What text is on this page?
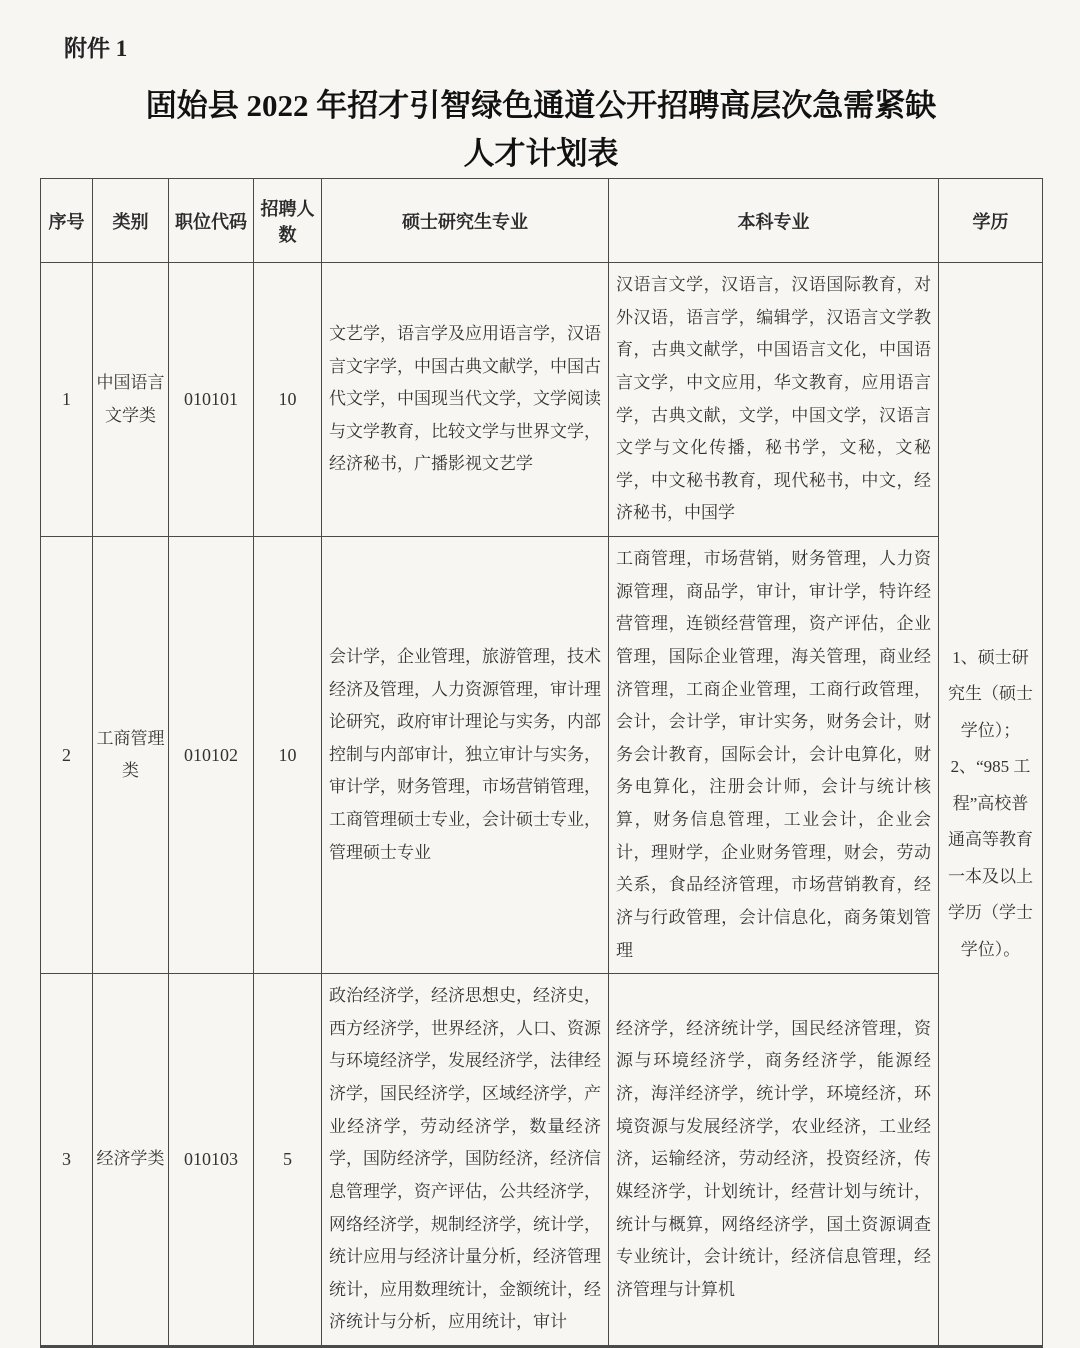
附件 1
固始县 2022 年招才引智绿色通道公开招聘高层次急需紧缺
人才计划表
序号	类别	职位代码	招聘人数	硕士研究生专业	本科专业	学历
1	中国语言文学类	010101	10	文艺学，语言学及应用语言学，汉语言文字学，中国古典文献学，中国古代文学，中国现当代文学，文学阅读与文学教育，比较文学与世界文学，经济秘书，广播影视文艺学	汉语言文学，汉语言，汉语国际教育，对外汉语，语言学，编辑学，汉语言文学教育，古典文献学，中国语言文化，中国语言文学，中文应用，华文教育，应用语言学，古典文献，文学，中国文学，汉语言文学与文化传播，秘书学，文秘，文秘学，中文秘书教育，现代秘书，中文，经济秘书，中国学	1、硕士研究生（硕士学位）；2、“985 工程”高校普通高等教育一本及以上学历（学士学位）。
2	工商管理类	010102	10	会计学，企业管理，旅游管理，技术经济及管理，人力资源管理，审计理论研究，政府审计理论与实务，内部控制与内部审计，独立审计与实务，审计学，财务管理，市场营销管理，工商管理硕士专业，会计硕士专业，管理硕士专业	工商管理，市场营销，财务管理，人力资源管理，商品学，审计，审计学，特许经营管理，连锁经营管理，资产评估，企业管理，国际企业管理，海关管理，商业经济管理，工商企业管理，工商行政管理，会计，会计学，审计实务，财务会计，财务会计教育，国际会计，会计电算化，财务电算化，注册会计师，会计与统计核算，财务信息管理，工业会计，企业会计，理财学，企业财务管理，财会，劳动关系，食品经济管理，市场营销教育，经济与行政管理，会计信息化，商务策划管理	
3	经济学类	010103	5	政治经济学，经济思想史，经济史，西方经济学，世界经济，人口、资源与环境经济学，发展经济学，法律经济学，国民经济学，区域经济学，产业经济学，劳动经济学，数量经济学，国防经济学，国防经济，经济信息管理学，资产评估，公共经济学，网络经济学，规制经济学，统计学，统计应用与经济计量分析，经济管理统计，应用数理统计，金额统计，经济统计与分析，应用统计，审计	经济学，经济统计学，国民经济管理，资源与环境经济学，商务经济学，能源经济，海洋经济学，统计学，环境经济，环境资源与发展经济学，农业经济，工业经济，运输经济，劳动经济，投资经济，传媒经济学，计划统计，经营计划与统计，统计与概算，网络经济学，国土资源调查专业统计，会计统计，经济信息管理，经济管理与计算机	
